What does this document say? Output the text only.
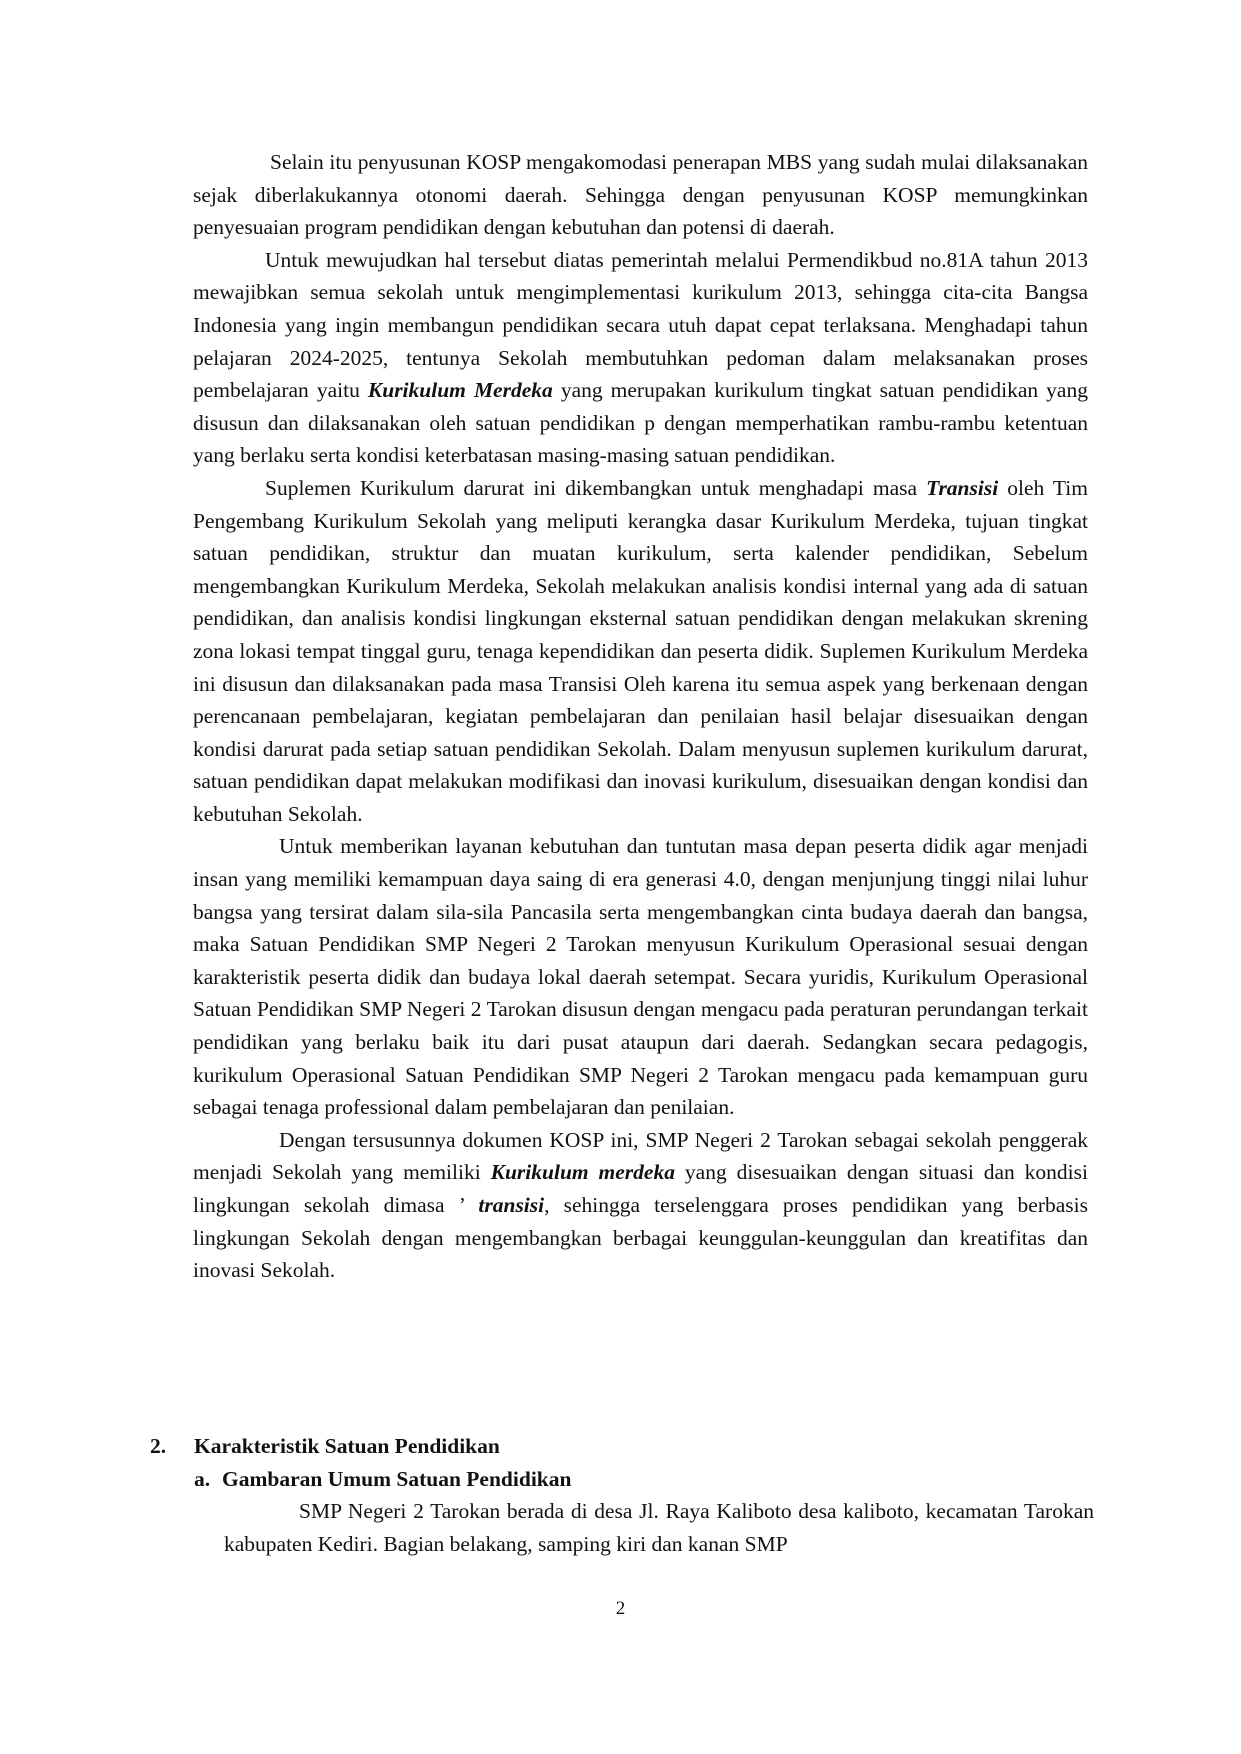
Selain itu penyusunan KOSP mengakomodasi penerapan MBS yang sudah mulai dilaksanakan sejak diberlakukannya otonomi daerah. Sehingga dengan penyusunan KOSP memungkinkan penyesuaian program pendidikan dengan kebutuhan dan potensi di daerah.

Untuk mewujudkan hal tersebut diatas pemerintah melalui Permendikbud no.81A tahun 2013 mewajibkan semua sekolah untuk mengimplementasi kurikulum 2013, sehingga cita-cita Bangsa Indonesia yang ingin membangun pendidikan secara utuh dapat cepat terlaksana. Menghadapi tahun pelajaran 2024-2025, tentunya Sekolah membutuhkan pedoman dalam melaksanakan proses pembelajaran yaitu Kurikulum Merdeka yang merupakan kurikulum tingkat satuan pendidikan yang disusun dan dilaksanakan oleh satuan pendidikan p dengan memperhatikan rambu-rambu ketentuan yang berlaku serta kondisi keterbatasan masing-masing satuan pendidikan.

Suplemen Kurikulum darurat ini dikembangkan untuk menghadapi masa Transisi oleh Tim Pengembang Kurikulum Sekolah yang meliputi kerangka dasar Kurikulum Merdeka, tujuan tingkat satuan pendidikan, struktur dan muatan kurikulum, serta kalender pendidikan, Sebelum mengembangkan Kurikulum Merdeka, Sekolah melakukan analisis kondisi internal yang ada di satuan pendidikan, dan analisis kondisi lingkungan eksternal satuan pendidikan dengan melakukan skrening zona lokasi tempat tinggal guru, tenaga kependidikan dan peserta didik. Suplemen Kurikulum Merdeka ini disusun dan dilaksanakan pada masa Transisi Oleh karena itu semua aspek yang berkenaan dengan perencanaan pembelajaran, kegiatan pembelajaran dan penilaian hasil belajar disesuaikan dengan kondisi darurat pada setiap satuan pendidikan Sekolah. Dalam menyusun suplemen kurikulum darurat, satuan pendidikan dapat melakukan modifikasi dan inovasi kurikulum, disesuaikan dengan kondisi dan kebutuhan Sekolah.

Untuk memberikan layanan kebutuhan dan tuntutan masa depan peserta didik agar menjadi insan yang memiliki kemampuan daya saing di era generasi 4.0, dengan menjunjung tinggi nilai luhur bangsa yang tersirat dalam sila-sila Pancasila serta mengembangkan cinta budaya daerah dan bangsa, maka Satuan Pendidikan SMP Negeri 2 Tarokan menyusun Kurikulum Operasional sesuai dengan karakteristik peserta didik dan budaya lokal daerah setempat. Secara yuridis, Kurikulum Operasional Satuan Pendidikan SMP Negeri 2 Tarokan disusun dengan mengacu pada peraturan perundangan terkait pendidikan yang berlaku baik itu dari pusat ataupun dari daerah. Sedangkan secara pedagogis, kurikulum Operasional Satuan Pendidikan SMP Negeri 2 Tarokan mengacu pada kemampuan guru sebagai tenaga professional dalam pembelajaran dan penilaian.

Dengan tersusunnya dokumen KOSP ini, SMP Negeri 2 Tarokan sebagai sekolah penggerak menjadi Sekolah yang memiliki Kurikulum merdeka yang disesuaikan dengan situasi dan kondisi lingkungan sekolah dimasa ’ transisi, sehingga terselenggara proses pendidikan yang berbasis lingkungan Sekolah dengan mengembangkan berbagai keunggulan-keunggulan dan kreatifitas dan inovasi Sekolah.

2.	Karakteristik Satuan Pendidikan
a. Gambaran Umum Satuan Pendidikan
SMP Negeri 2 Tarokan berada di desa Jl. Raya Kaliboto desa kaliboto, kecamatan Tarokan kabupaten Kediri. Bagian belakang, samping kiri dan kanan SMP
2
